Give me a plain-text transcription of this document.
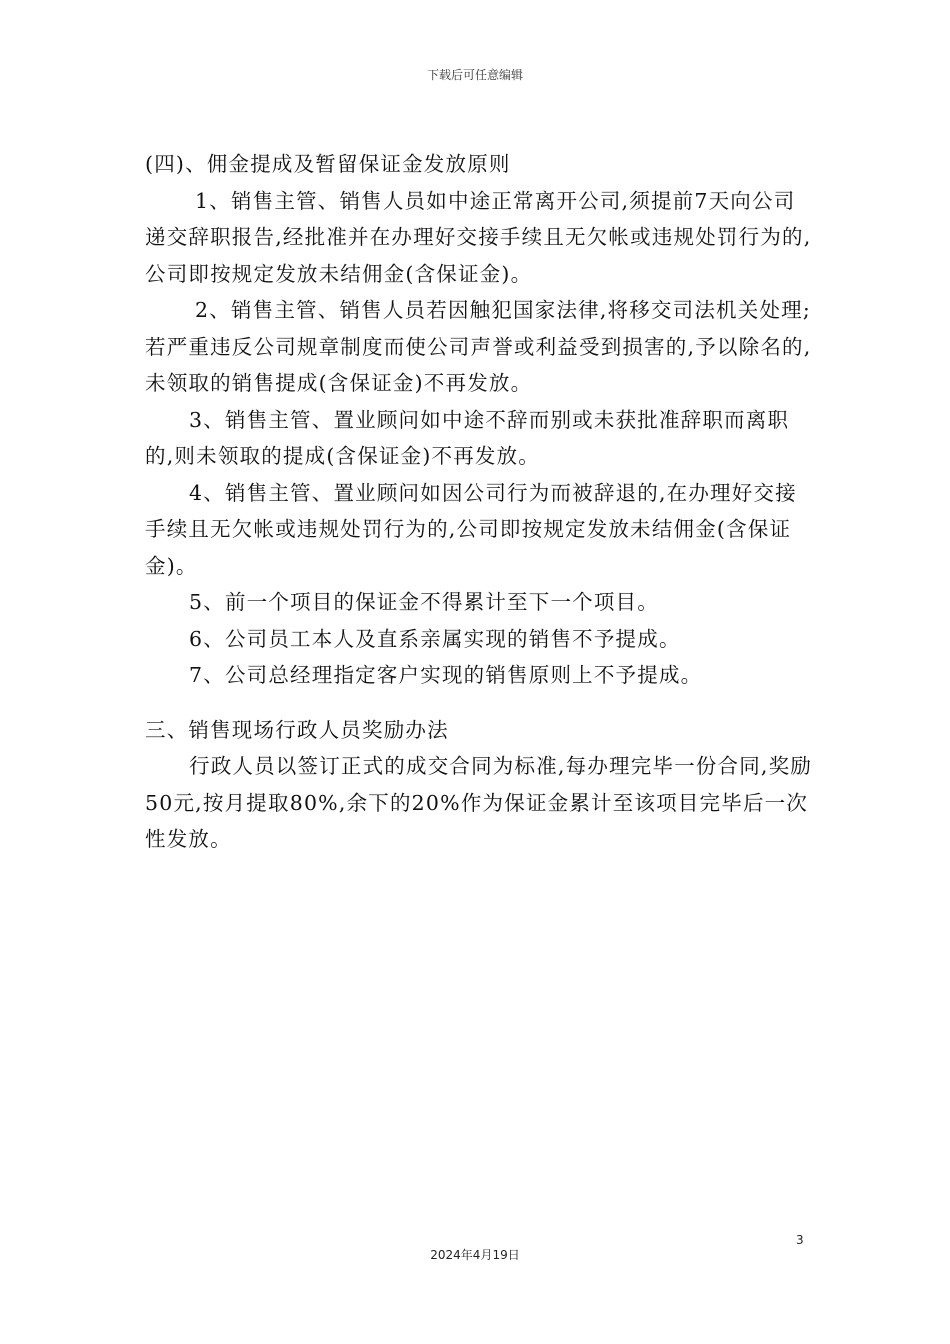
下载后可任意编辑

(四)、佣金提成及暂留保证金发放原则

1、销售主管、销售人员如中途正常离开公司,须提前7天向公司递交辞职报告,经批准并在办理好交接手续且无欠帐或违规处罚行为的,公司即按规定发放未结佣金(含保证金)。

2、销售主管、销售人员若因触犯国家法律,将移交司法机关处理;若严重违反公司规章制度而使公司声誉或利益受到损害的,予以除名的,未领取的销售提成(含保证金)不再发放。

3、销售主管、置业顾问如中途不辞而别或未获批准辞职而离职的,则未领取的提成(含保证金)不再发放。

4、销售主管、置业顾问如因公司行为而被辞退的,在办理好交接手续且无欠帐或违规处罚行为的,公司即按规定发放未结佣金(含保证金)。

5、前一个项目的保证金不得累计至下一个项目。

6、公司员工本人及直系亲属实现的销售不予提成。

7、公司总经理指定客户实现的销售原则上不予提成。

三、销售现场行政人员奖励办法

行政人员以签订正式的成交合同为标准,每办理完毕一份合同,奖励50元,按月提取80%,余下的20%作为保证金累计至该项目完毕后一次性发放。

3
2024年4月19日
